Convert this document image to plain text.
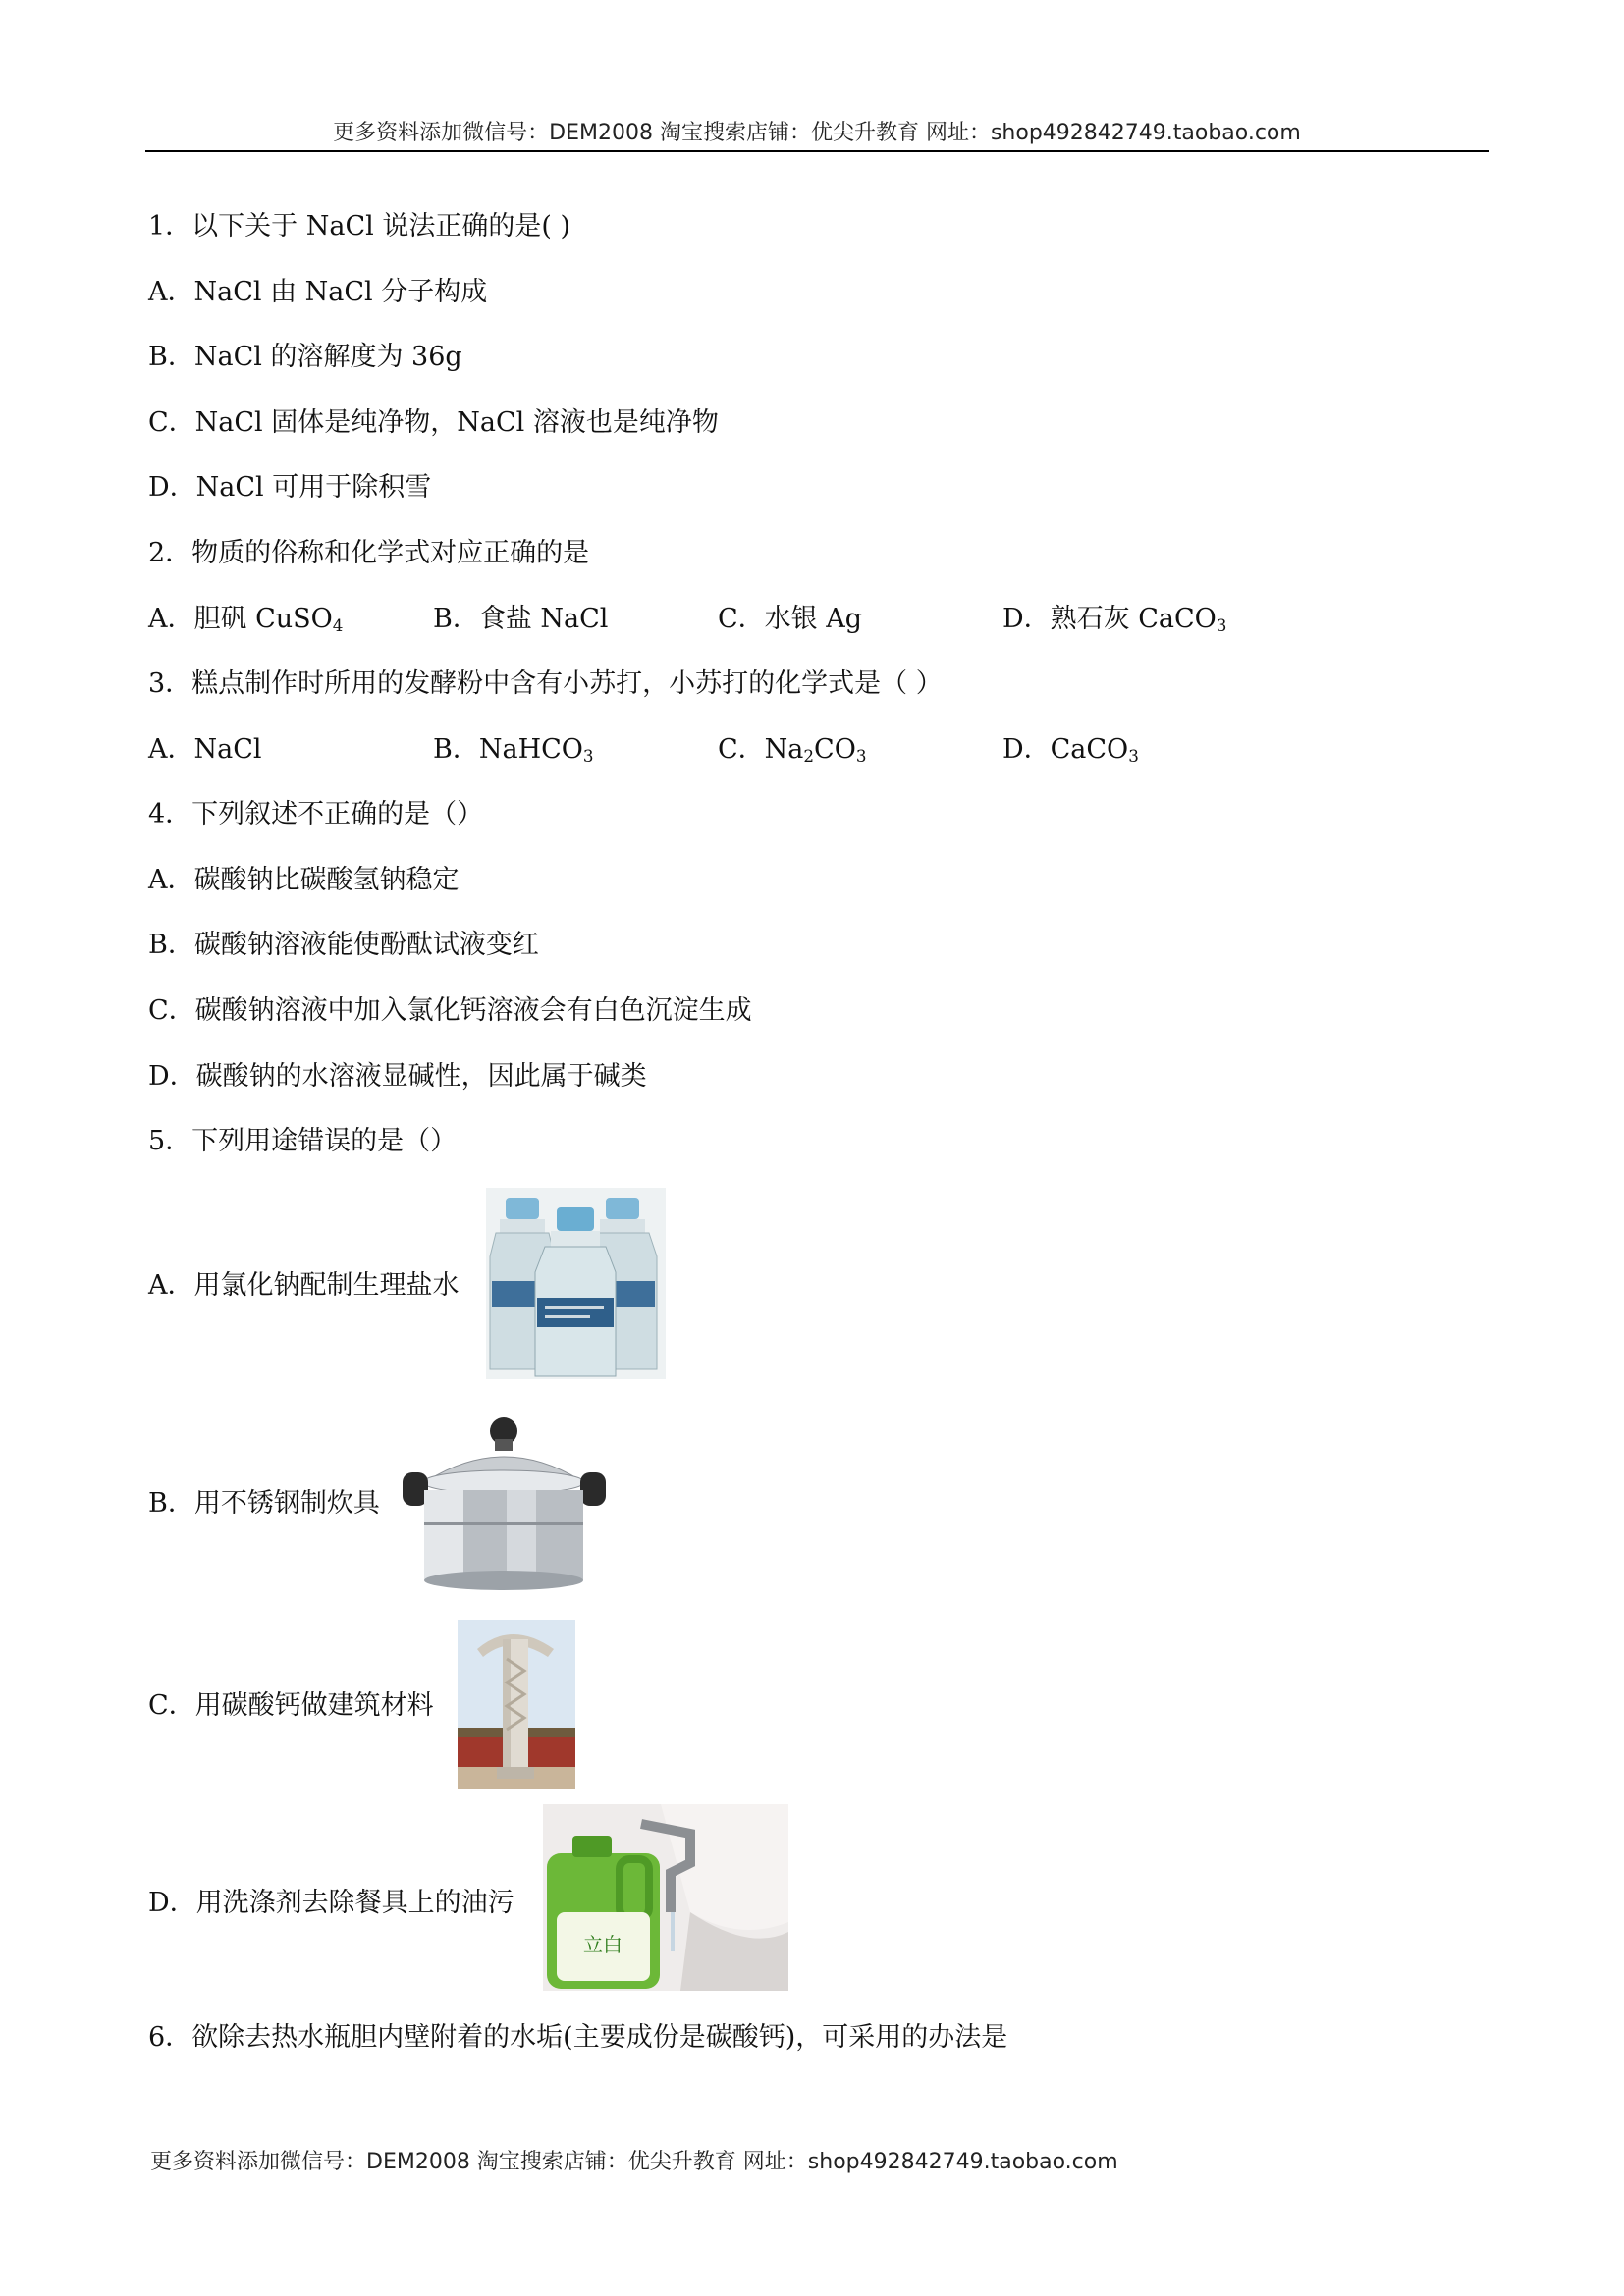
更多资料添加微信号：DEM2008 淘宝搜索店铺：优尖升教育 网址：shop492842749.taobao.com
1．以下关于 NaCl 说法正确的是( )
A．NaCl 由 NaCl 分子构成
B．NaCl 的溶解度为 36g
C．NaCl 固体是纯净物，NaCl 溶液也是纯净物
D．NaCl 可用于除积雪
2．物质的俗称和化学式对应正确的是
A．胆矾 CuSO$_4$	B．食盐 NaCl	C．水银 Ag	D．熟石灰 CaCO$_3$
3．糕点制作时所用的发酵粉中含有小苏打，小苏打的化学式是（ ）
A．NaCl	B．NaHCO$_3$	C．$Na_2CO_3$	D．CaCO$_3$
4．下列叙述不正确的是（）
A．碳酸钠比碳酸氢钠稳定
B．碳酸钠溶液能使酚酞试液变红
C．碳酸钠溶液中加入氯化钙溶液会有白色沉淀生成
D．碳酸钠的水溶液显碱性，因此属于碱类
5．下列用途错误的是（）
A．用氯化钠配制生理盐水
B．用不锈钢制炊具
C．用碳酸钙做建筑材料
D．用洗涤剂去除餐具上的油污
立白
6．欲除去热水瓶胆内壁附着的水垢(主要成份是碳酸钙)，可采用的办法是
更多资料添加微信号：DEM2008 淘宝搜索店铺：优尖升教育 网址：shop492842749.taobao.com
